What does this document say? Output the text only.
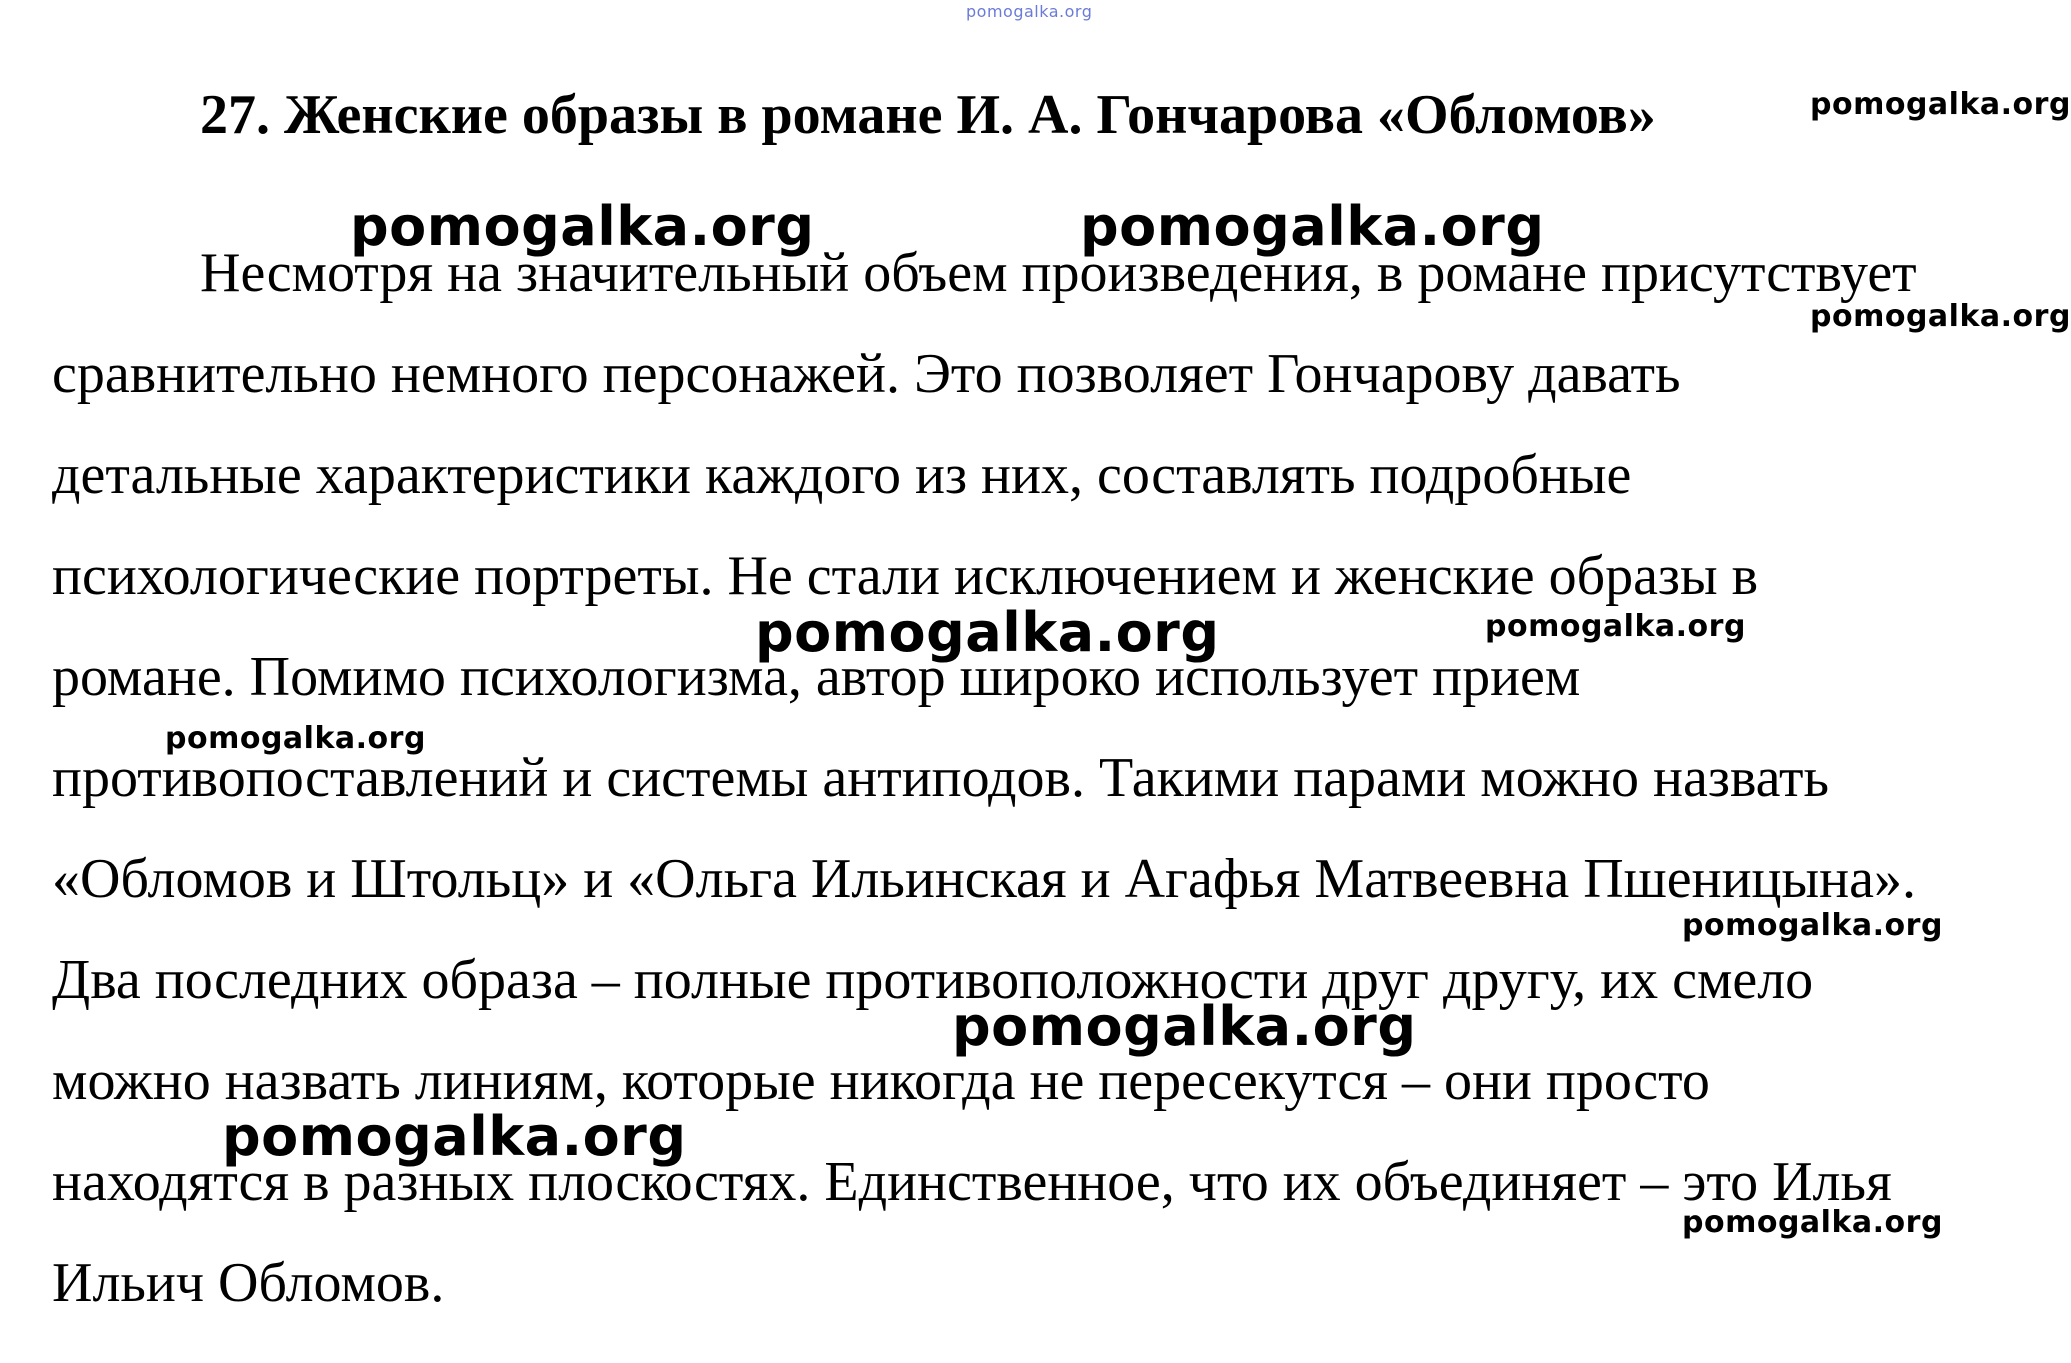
pomogalka.org
27. Женские образы в романе И. А. Гончарова «Обломов»
Несмотря на значительный объем произведения, в романе присутствует
сравнительно немного персонажей. Это позволяет Гончарову давать
детальные характеристики каждого из них, составлять подробные
психологические портреты. Не стали исключением и женские образы в
романе. Помимо психологизма, автор широко использует прием
противопоставлений и системы антиподов. Такими парами можно назвать
«Обломов и Штольц» и «Ольга Ильинская и Агафья Матвеевна Пшеницына».
Два последних образа – полные противоположности друг другу, их смело
можно назвать линиям, которые никогда не пересекутся – они просто
находятся в разных плоскостях. Единственное, что их объединяет – это Илья
Ильич Обломов.
pomogalka.org
pomogalka.org	pomogalka.org
pomogalka.org
pomogalka.org	pomogalka.org
pomogalka.org
pomogalka.org
pomogalka.org
pomogalka.org
pomogalka.org
